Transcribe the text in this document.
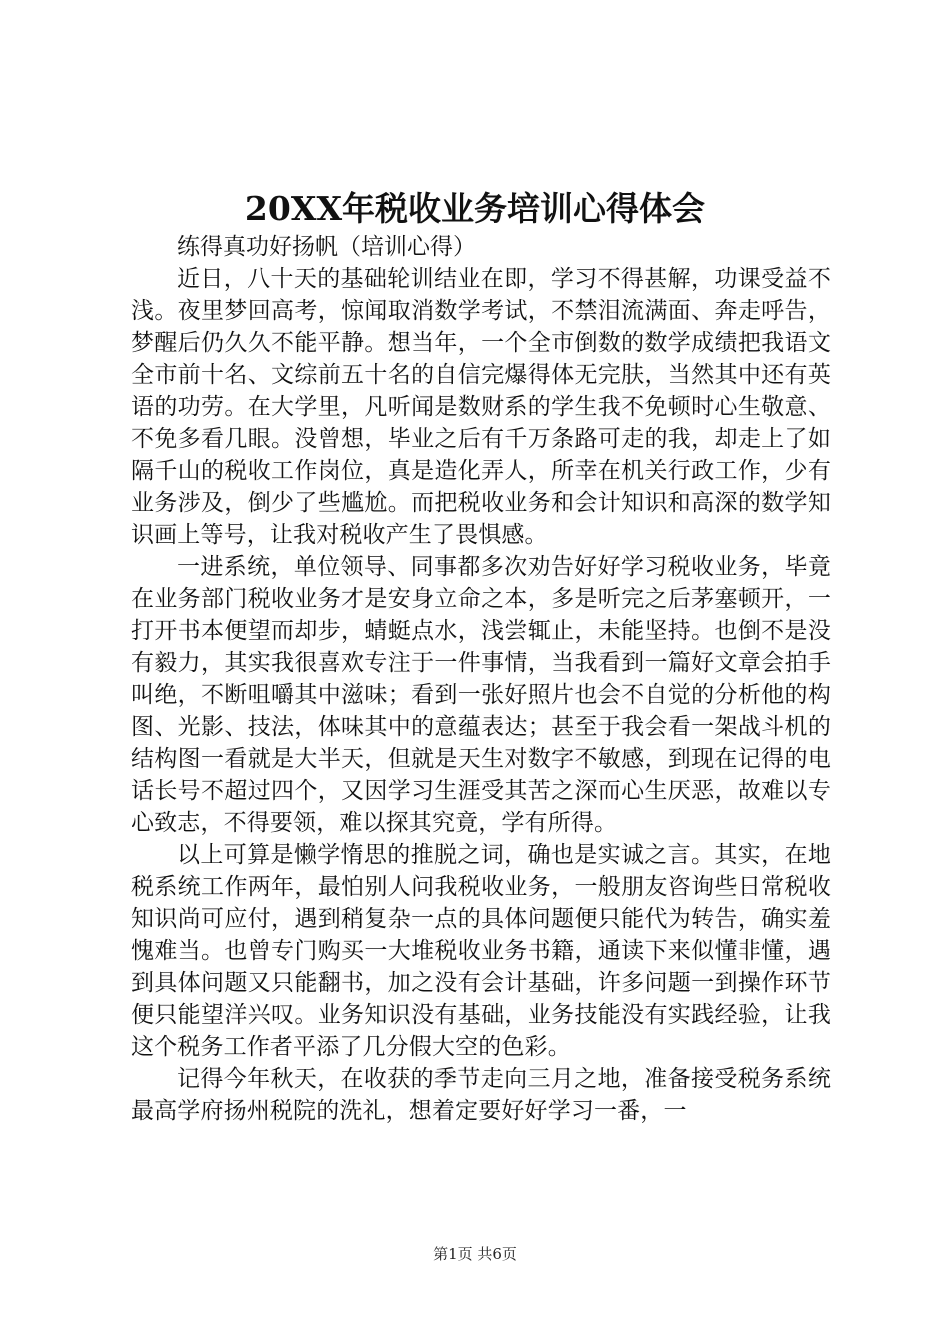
20XX年税收业务培训心得体会

练得真功好扬帆（培训心得）

近日，八十天的基础轮训结业在即，学习不得甚解，功课受益不浅。夜里梦回高考，惊闻取消数学考试，不禁泪流满面、奔走呼告，梦醒后仍久久不能平静。想当年，一个全市倒数的数学成绩把我语文全市前十名、文综前五十名的自信完爆得体无完肤，当然其中还有英语的功劳。在大学里，凡听闻是数财系的学生我不免顿时心生敬意、不免多看几眼。没曾想，毕业之后有千万条路可走的我，却走上了如隔千山的税收工作岗位，真是造化弄人，所幸在机关行政工作，少有业务涉及，倒少了些尴尬。而把税收业务和会计知识和高深的数学知识画上等号，让我对税收产生了畏惧感。

一进系统，单位领导、同事都多次劝告好好学习税收业务，毕竟在业务部门税收业务才是安身立命之本，多是听完之后茅塞顿开，一打开书本便望而却步，蜻蜓点水，浅尝辄止，未能坚持。也倒不是没有毅力，其实我很喜欢专注于一件事情，当我看到一篇好文章会拍手叫绝，不断咀嚼其中滋味；看到一张好照片也会不自觉的分析他的构图、光影、技法，体味其中的意蕴表达；甚至于我会看一架战斗机的结构图一看就是大半天，但就是天生对数字不敏感，到现在记得的电话长号不超过四个，又因学习生涯受其苦之深而心生厌恶，故难以专心致志，不得要领，难以探其究竟，学有所得。

以上可算是懒学惰思的推脱之词，确也是实诚之言。其实，在地税系统工作两年，最怕别人问我税收业务，一般朋友咨询些日常税收知识尚可应付，遇到稍复杂一点的具体问题便只能代为转告，确实羞愧难当。也曾专门购买一大堆税收业务书籍，通读下来似懂非懂，遇到具体问题又只能翻书，加之没有会计基础，许多问题一到操作环节便只能望洋兴叹。业务知识没有基础，业务技能没有实践经验，让我这个税务工作者平添了几分假大空的色彩。

记得今年秋天，在收获的季节走向三月之地，准备接受税务系统最高学府扬州税院的洗礼，想着定要好好学习一番，一

第1页 共6页
